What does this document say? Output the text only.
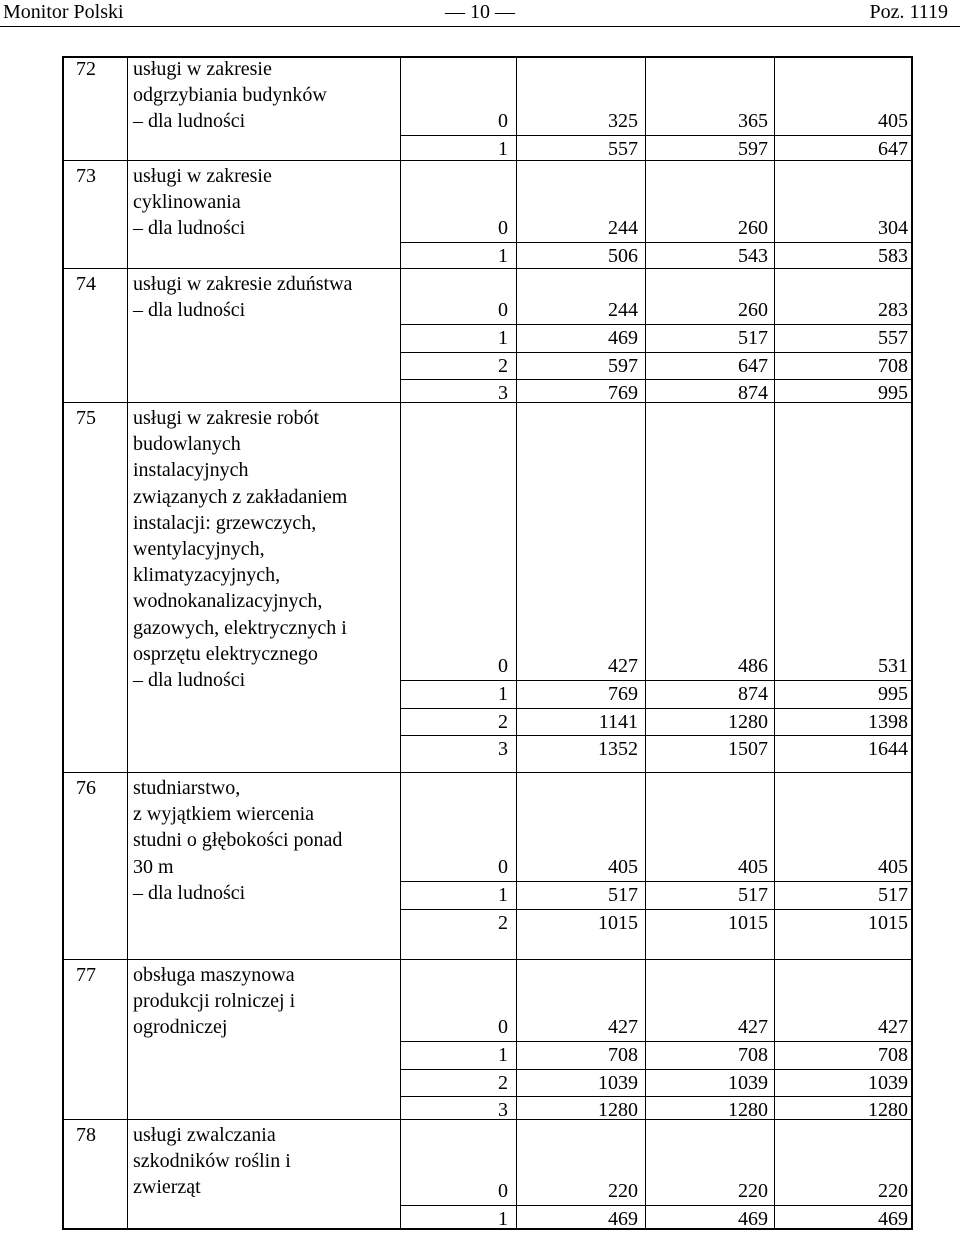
Monitor Polski	— 10 —	Poz. 1119
72 usługi w zakresie
odgrzybiania budynków
– dla ludności	0	325	365	405
1	557	597	647
73 usługi w zakresie
cyklinowania
– dla ludności	0	244	260	304
1	506	543	583
74 usługi w zakresie zduństwa
– dla ludności	0	244	260	283
1	469	517	557
2	597	647	708
3	769	874	995
75 usługi w zakresie robót
budowlanych
instalacyjnych
związanych z zakładaniem
instalacji: grzewczych,
wentylacyjnych,
klimatyzacyjnych,
wodnokanalizacyjnych,
gazowych, elektrycznych i
osprzętu elektrycznego
– dla ludności
0	427	486	531
1	769	874	995
2	1141	1280	1398
3	1352	1507	1644
76 studniarstwo,
z wyjątkiem wiercenia
studni o głębokości ponad
30 m
– dla ludności
0	405	405	405
1	517	517	517
2	1015	1015	1015
77 obsługa maszynowa
produkcji rolniczej i
ogrodniczej	0	427	427	427
1	708	708	708
2	1039	1039	1039
3	1280	1280	1280
78 usługi zwalczania
szkodników roślin i
zwierząt	0	220	220	220
1	469	469	469
